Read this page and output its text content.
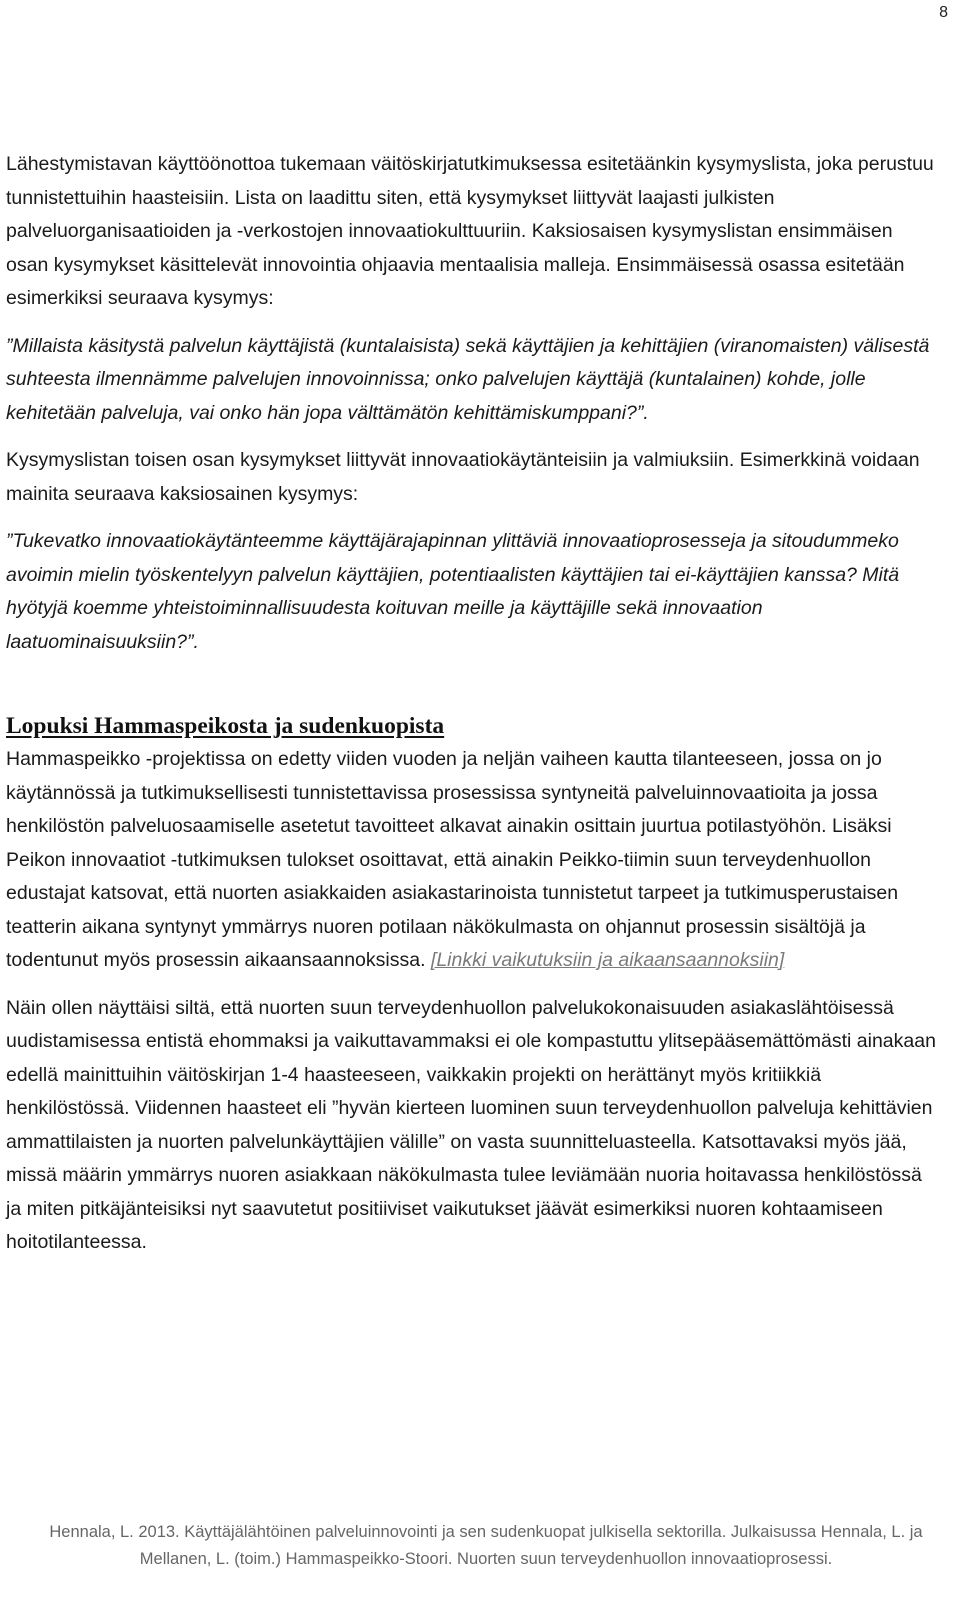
8

Lähestymistavan käyttöönottoa tukemaan väitöskirjatutkimuksessa esitetäänkin kysymyslista, joka perustuu tunnistettuihin haasteisiin. Lista on laadittu siten, että kysymykset liittyvät laajasti julkisten palveluorganisaatioiden ja -verkostojen innovaatiokulttuuriin. Kaksiosaisen kysymyslistan ensimmäisen osan kysymykset käsittelevät innovointia ohjaavia mentaalisia malleja. Ensimmäisessä osassa esitetään esimerkiksi seuraava kysymys:

”Millaista käsitystä palvelun käyttäjistä (kuntalaisista) sekä käyttäjien ja kehittäjien (viranomaisten) välisestä suhteesta ilmennämme palvelujen innovoinnissa; onko palvelujen käyttäjä (kuntalainen) kohde, jolle kehitetään palveluja, vai onko hän jopa välttämätön kehittämiskumppani?”.

Kysymyslistan toisen osan kysymykset liittyvät innovaatiokäytänteisiin ja valmiuksiin. Esimerkkinä voidaan mainita seuraava kaksiosainen kysymys:

”Tukevatko innovaatiokäytänteemme käyttäjärajapinnan ylittäviä innovaatioprosesseja ja sitoudummeko avoimin mielin työskentelyyn palvelun käyttäjien, potentiaalisten käyttäjien tai ei-käyttäjien kanssa? Mitä hyötyjä koemme yhteistoiminnallisuudesta koituvan meille ja käyttäjille sekä innovaation laatuominaisuuksiin?”.

Lopuksi Hammaspeikosta ja sudenkuopista

Hammaspeikko -projektissa on edetty viiden vuoden ja neljän vaiheen kautta tilanteeseen, jossa on jo käytännössä ja tutkimuksellisesti tunnistettavissa prosessissa syntyneitä palveluinnovaatioita ja jossa henkilöstön palveluosaamiselle asetetut tavoitteet alkavat ainakin osittain juurtua potilastyöhön. Lisäksi Peikon innovaatiot -tutkimuksen tulokset osoittavat, että ainakin Peikko-tiimin suun terveydenhuollon edustajat katsovat, että nuorten asiakkaiden asiakastarinoista tunnistetut tarpeet ja tutkimusperustaisen teatterin aikana syntynyt ymmärrys nuoren potilaan näkökulmasta on ohjannut prosessin sisältöjä ja todentunut myös prosessin aikaansaannoksissa. [Linkki vaikutuksiin ja aikaansaannoksiin]

Näin ollen näyttäisi siltä, että nuorten suun terveydenhuollon palvelukokonaisuuden asiakaslähtöisessä uudistamisessa entistä ehommaksi ja vaikuttavammaksi ei ole kompastuttu ylitsepääsemättömästi ainakaan edellä mainittuihin väitöskirjan 1-4 haasteeseen, vaikkakin projekti on herättänyt myös kritiikkiä henkilöstössä. Viidennen haasteet eli ”hyvän kierteen luominen suun terveydenhuollon palveluja kehittävien ammattilaisten ja nuorten palvelunkäyttäjien välille” on vasta suunnitteluasteella. Katsottavaksi myös jää, missä määrin ymmärrys nuoren asiakkaan näkökulmasta tulee leviämään nuoria hoitavassa henkilöstössä ja miten pitkäjänteisiksi nyt saavutetut positiiviset vaikutukset jäävät esimerkiksi nuoren kohtaamiseen hoitotilanteessa.

Hennala, L. 2013. Käyttäjälähtöinen palveluinnovointi ja sen sudenkuopat julkisella sektorilla. Julkaisussa Hennala, L. ja Mellanen, L. (toim.) Hammaspeikko-Stoori. Nuorten suun terveydenhuollon innovaatioprosessi.
